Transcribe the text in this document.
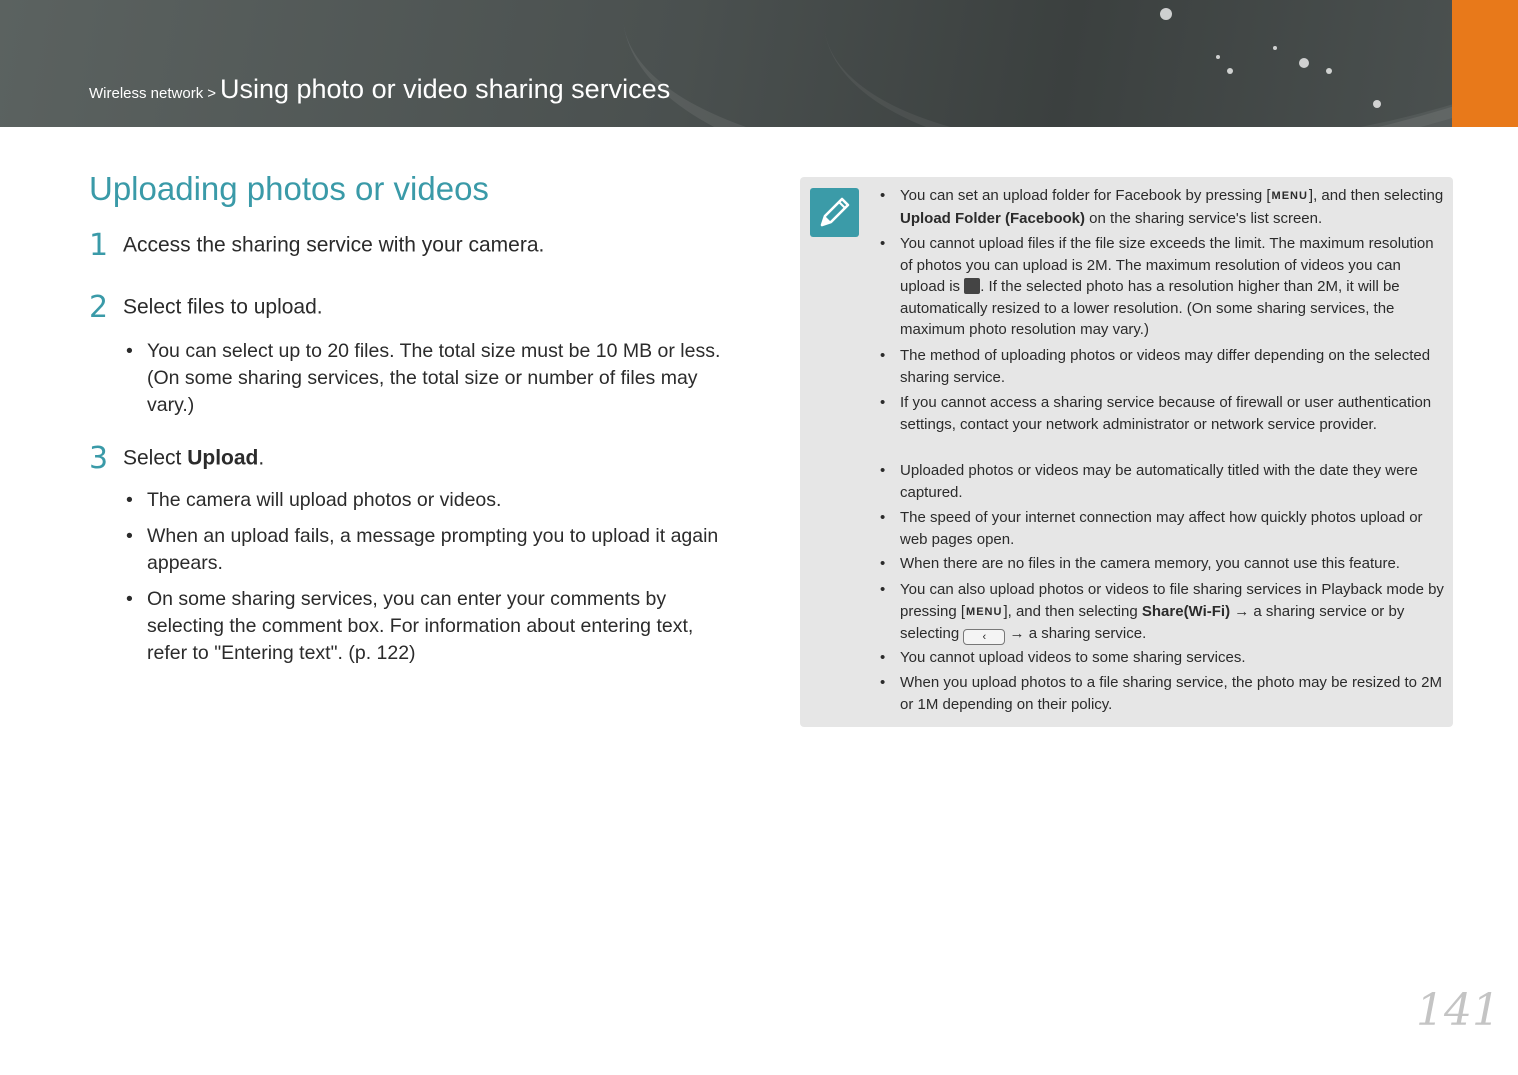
Wireless network > Using photo or video sharing services
Uploading photos or videos
1 Access the sharing service with your camera.
2 Select files to upload.
• You can select up to 20 files. The total size must be 10 MB or less. (On some sharing services, the total size or number of files may vary.)
3 Select Upload.
• The camera will upload photos or videos.
• When an upload fails, a message prompting you to upload it again appears.
• On some sharing services, you can enter your comments by selecting the comment box. For information about entering text, refer to "Entering text". (p. 122)
• You can set an upload folder for Facebook by pressing [MENU], and then selecting Upload Folder (Facebook) on the sharing service's list screen.
• You cannot upload files if the file size exceeds the limit. The maximum resolution of photos you can upload is 2M. The maximum resolution of videos you can upload is . If the selected photo has a resolution higher than 2M, it will be automatically resized to a lower resolution. (On some sharing services, the maximum photo resolution may vary.)
• The method of uploading photos or videos may differ depending on the selected sharing service.
• If you cannot access a sharing service because of firewall or user authentication settings, contact your network administrator or network service provider.
• Uploaded photos or videos may be automatically titled with the date they were captured.
• The speed of your internet connection may affect how quickly photos upload or web pages open.
• When there are no files in the camera memory, you cannot use this feature.
• You can also upload photos or videos to file sharing services in Playback mode by pressing [MENU], and then selecting Share(Wi-Fi) → a sharing service or by selecting ‹ → a sharing service.
• You cannot upload videos to some sharing services.
• When you upload photos to a file sharing service, the photo may be resized to 2M or 1M depending on their policy.
141
